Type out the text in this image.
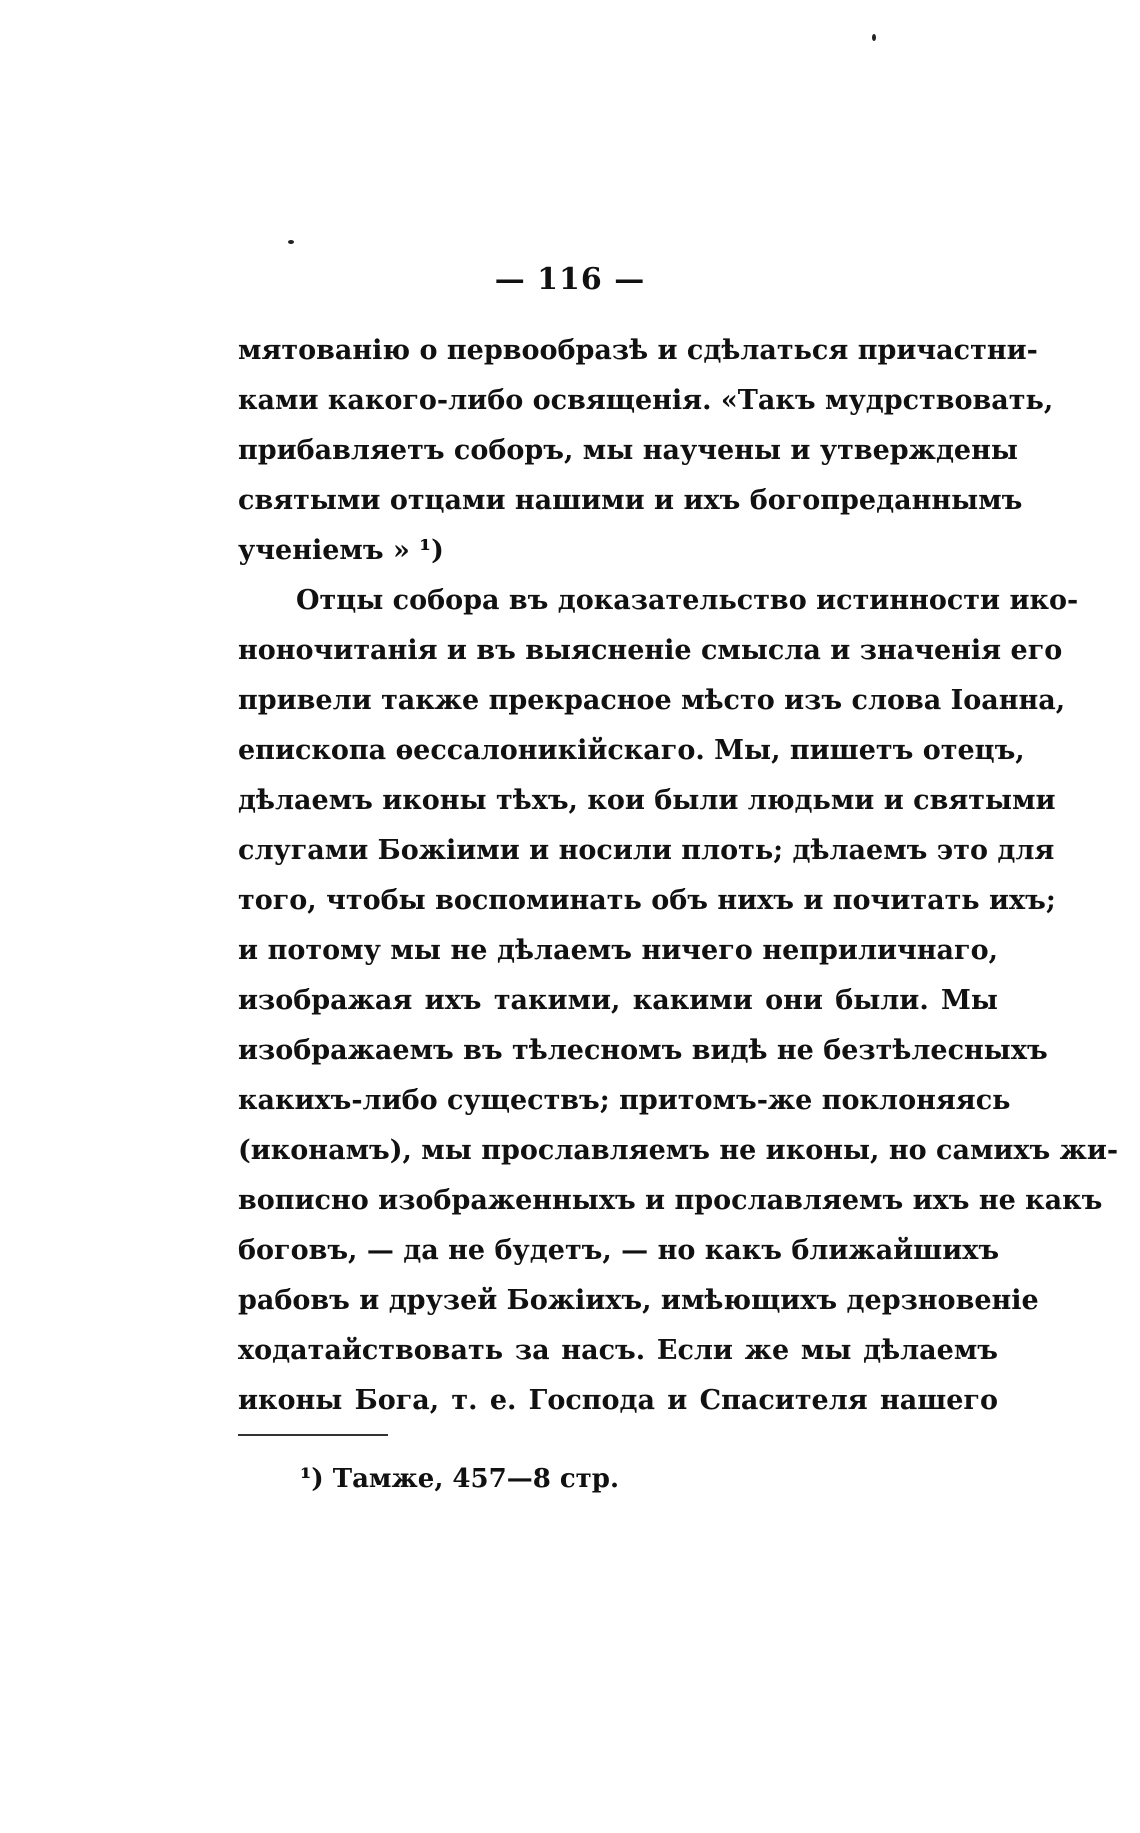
— 116 —
мятованію о первообразѣ и сдѣлаться причастни-
ками какого-либо освященія. «Такъ мудрствовать,
прибавляетъ соборъ, мы научены и утверждены
святыми отцами нашими и ихъ богопреданнымъ
ученіемъ » ¹)
Отцы собора въ доказательство истинности ико-
ноночитанія и въ выясненіе смысла и значенія его
привели также прекрасное мѣсто изъ слова Іоанна,
епископа ѳессалоникійскаго. Мы, пишетъ отецъ,
дѣлаемъ иконы тѣхъ, кои были людьми и святыми
слугами Божіими и носили плоть; дѣлаемъ это для
того, чтобы воспоминать объ нихъ и почитать ихъ;
и потому мы не дѣлаемъ ничего неприличнаго,
изображая ихъ такими, какими они были. Мы
изображаемъ въ тѣлесномъ видѣ не безтѣлесныхъ
какихъ-либо существъ; притомъ-же поклоняясь
(иконамъ), мы прославляемъ не иконы, но самихъ жи-
вописно изображенныхъ и прославляемъ ихъ не какъ
боговъ, — да не будетъ, — но какъ ближайшихъ
рабовъ и друзей Божіихъ, имѣющихъ дерзновеніе
ходатайствовать за насъ. Если же мы дѣлаемъ
иконы Бога, т. е. Господа и Спасителя нашего
¹) Тамже, 457—8 стр.
